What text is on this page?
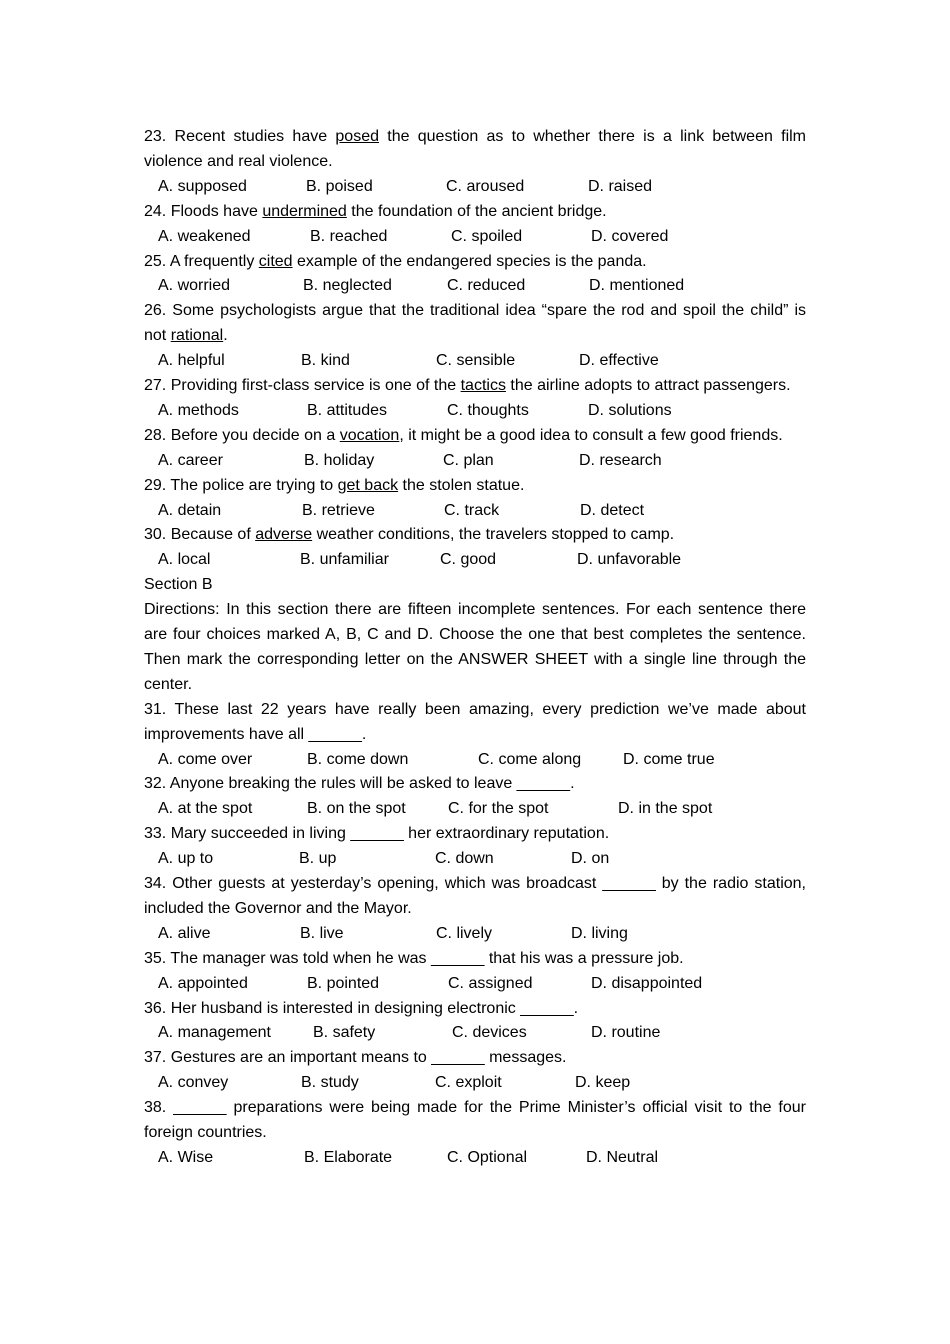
23. Recent studies have posed the question as to whether there is a link between film violence and real violence.

A. supposed	B. poised	C. aroused	D. raised

24. Floods have undermined the foundation of the ancient bridge.

A. weakened	B. reached	C. spoiled	D. covered

25. A frequently cited example of the endangered species is the panda.

A. worried	B. neglected	C. reduced	D. mentioned

26. Some psychologists argue that the traditional idea “spare the rod and spoil the child” is not rational.

A. helpful	B. kind	C. sensible	D. effective

27. Providing first-class service is one of the tactics the airline adopts to attract passengers.

A. methods	B. attitudes	C. thoughts	D. solutions

28. Before you decide on a vocation, it might be a good idea to consult a few good friends.

A. career	B. holiday	C. plan	D. research

29. The police are trying to get back the stolen statue.

A. detain	B. retrieve	C. track	D. detect

30. Because of adverse weather conditions, the travelers stopped to camp.

A. local	B. unfamiliar	C. good	D. unfavorable

Section B

Directions: In this section there are fifteen incomplete sentences. For each sentence there are four choices marked A, B, C and D. Choose the one that best completes the sentence. Then mark the corresponding letter on the ANSWER SHEET with a single line through the center.

31. These last 22 years have really been amazing, every prediction we’ve made about improvements have all ______.

A. come over	B. come down	C. come along	D. come true

32. Anyone breaking the rules will be asked to leave ______.

A. at the spot	B. on the spot	C. for the spot	D. in the spot

33. Mary succeeded in living ______ her extraordinary reputation.

A. up to	B. up	C. down	D. on

34. Other guests at yesterday’s opening, which was broadcast ______ by the radio station, included the Governor and the Mayor.

A. alive	B. live	C. lively	D. living

35. The manager was told when he was ______ that his was a pressure job.

A. appointed	B. pointed	C. assigned	D. disappointed

36. Her husband is interested in designing electronic ______.

A. management	B. safety	C. devices	D. routine

37. Gestures are an important means to ______ messages.

A. convey	B. study	C. exploit	D. keep

38. ______ preparations were being made for the Prime Minister’s official visit to the four foreign countries.

A. Wise	B. Elaborate	C. Optional	D. Neutral
